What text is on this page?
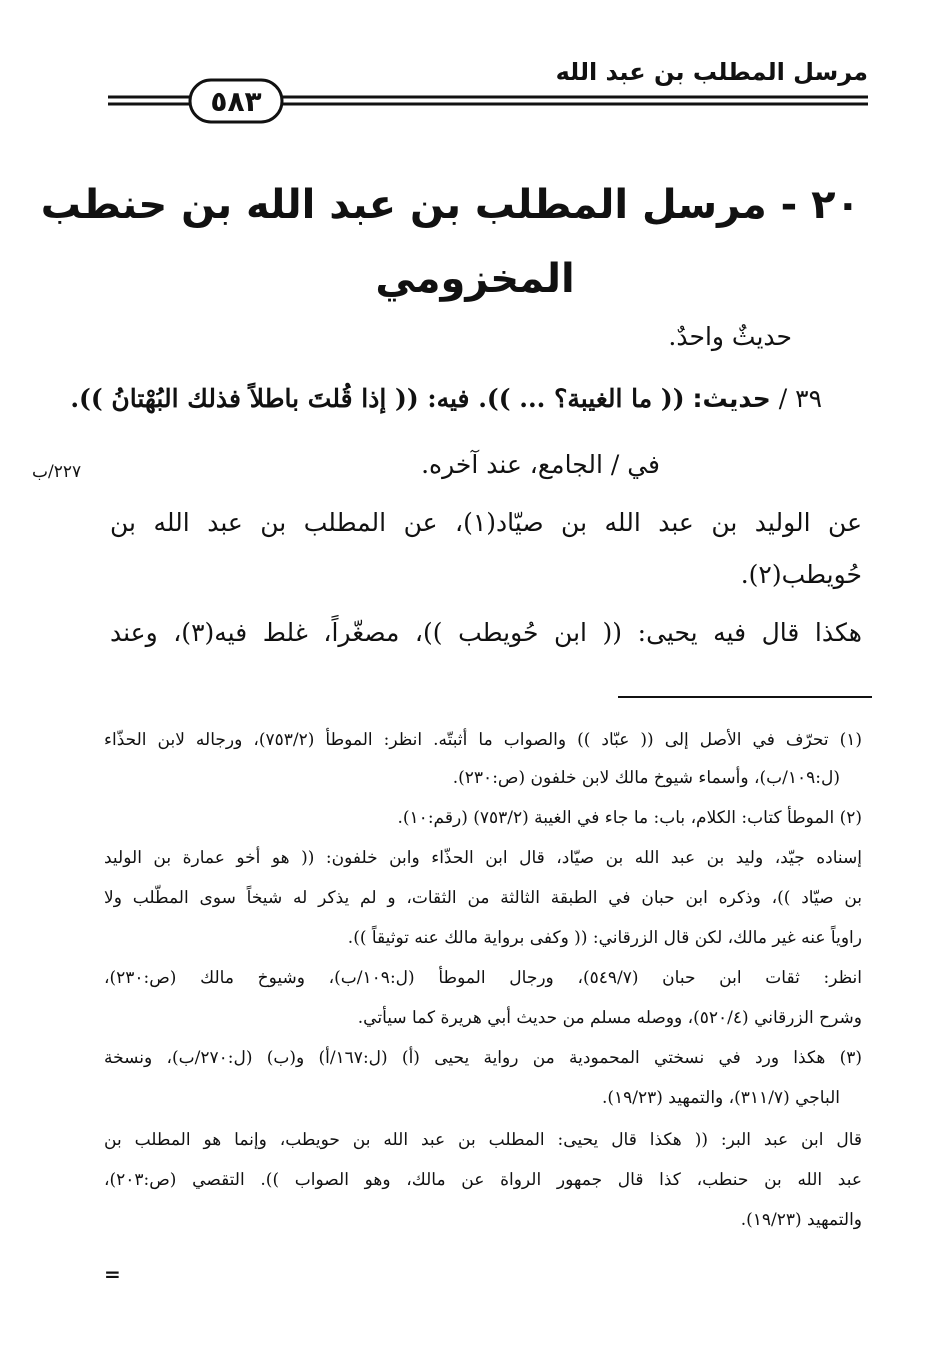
مرسل المطلب بن عبد الله
٥٨٣
٢٠ - مرسل المطلب بن عبد الله بن حنطب
المخزومي
حديثٌ واحدٌ.
٣٩ / حديث: (( ما الغيبة؟ ... )). فيه: (( إذا قُلتَ باطلاً فذلك البُهْتانُ )).
في / الجامع، عند آخره.
٢٢٧/ب
عن الوليد بن عبد الله بن صيّاد(١)، عن المطلب بن عبد الله بن
حُويطب(٢).
هكذا قال فيه يحيى: (( ابن حُويطب ))، مصغّراً، غلط فيه(٣)، وعند
(١) تحرّف في الأصل إلى (( عبّاد )) والصواب ما أثبتّه. انظر: الموطأ (٧٥٣/٢)، ورجاله لابن الحذّاء
(ل:١٠٩/ب)، وأسماء شيوخ مالك لابن خلفون (ص:٢٣٠).
(٢) الموطأ كتاب: الكلام، باب: ما جاء في الغيبة (٧٥٣/٢) (رقم:١٠).
إسناده جيّد، وليد بن عبد الله بن صيّاد، قال ابن الحذّاء وابن خلفون: (( هو أخو عمارة بن الوليد
بن صيّاد ))، وذكره ابن حبان في الطبقة الثالثة من الثقات، و لم يذكر له شيخاً سوى المطّلب ولا
راوياً عنه غير مالك، لكن قال الزرقاني: (( وكفى برواية مالك عنه توثيقاً )).
انظر: ثقات ابن حبان (٥٤٩/٧)، ورجال الموطأ (ل:١٠٩/ب)، وشيوخ مالك (ص:٢٣٠)،
وشرح الزرقاني (٥٢٠/٤)، ووصله مسلم من حديث أبي هريرة كما سيأتي.
(٣) هكذا ورد في نسختي المحمودية من رواية يحيى (أ) (ل:١٦٧/أ) و(ب) (ل:٢٧٠/ب)، ونسخة
الباجي (٣١١/٧)، والتمهيد (١٩/٢٣).
قال ابن عبد البر: (( هكذا قال يحيى: المطلب بن عبد الله بن حويطب، وإنما هو المطلب بن
عبد الله بن حنطب، كذا قال جمهور الرواة عن مالك، وهو الصواب )). التقصي (ص:٢٠٣)،
والتمهيد (١٩/٢٣).
=
